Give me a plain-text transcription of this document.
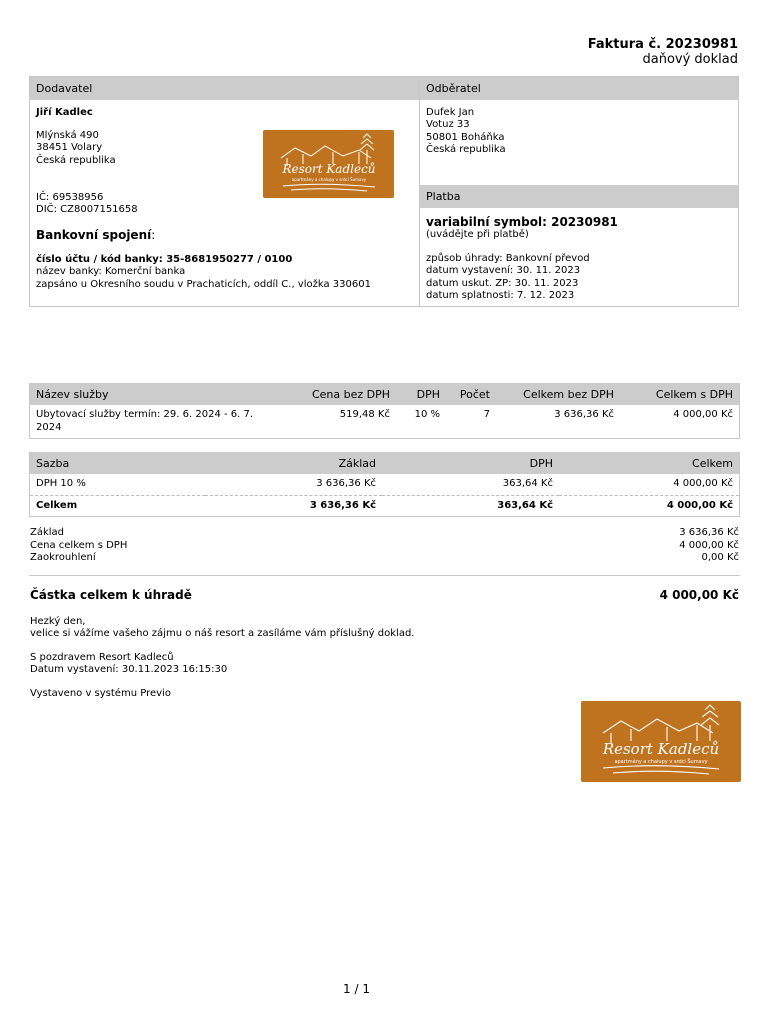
Faktura č. 20230981
daňový doklad
Dodavatel
Jiří Kadlec
Mlýnská 490
38451 Volary
Česká republika
IČ: 69538956
DIČ: CZ8007151658
Bankovní spojení:
číslo účtu / kód banky: 35-8681950277 / 0100
název banky: Komerční banka
zapsáno u Okresního soudu v Prachaticích, oddíl C., vložka 330601
Resort Kadleců
apartmány a chalupy v srdci Šumavy
Odběratel
Dufek Jan
Votuz 33
50801 Boháňka
Česká republika
Platba
variabilní symbol: 20230981
(uvádějte při platbě)
způsob úhrady: Bankovní převod
datum vystavení: 30. 11. 2023
datum uskut. ZP: 30. 11. 2023
datum splatnosti: 7. 12. 2023
Název služby	Cena bez DPH	DPH	Počet	Celkem bez DPH	Celkem s DPH
Ubytovací služby termín: 29. 6. 2024 - 6. 7. 2024	519,48 Kč	10 %	7	3 636,36 Kč	4 000,00 Kč
Sazba	Základ	DPH	Celkem
DPH 10 %	3 636,36 Kč	363,64 Kč	4 000,00 Kč
Celkem	3 636,36 Kč	363,64 Kč	4 000,00 Kč
Základ	3 636,36 Kč
Cena celkem s DPH	4 000,00 Kč
Zaokrouhlení	0,00 Kč
Částka celkem k úhradě	4 000,00 Kč
Hezký den,
velice si vážíme vašeho zájmu o náš resort a zasíláme vám příslušný doklad.
S pozdravem Resort Kadleců
Datum vystavení: 30.11.2023 16:15:30
Vystaveno v systému Previo
Resort Kadleců
apartmány a chalupy v srdci Šumavy
1 / 1
